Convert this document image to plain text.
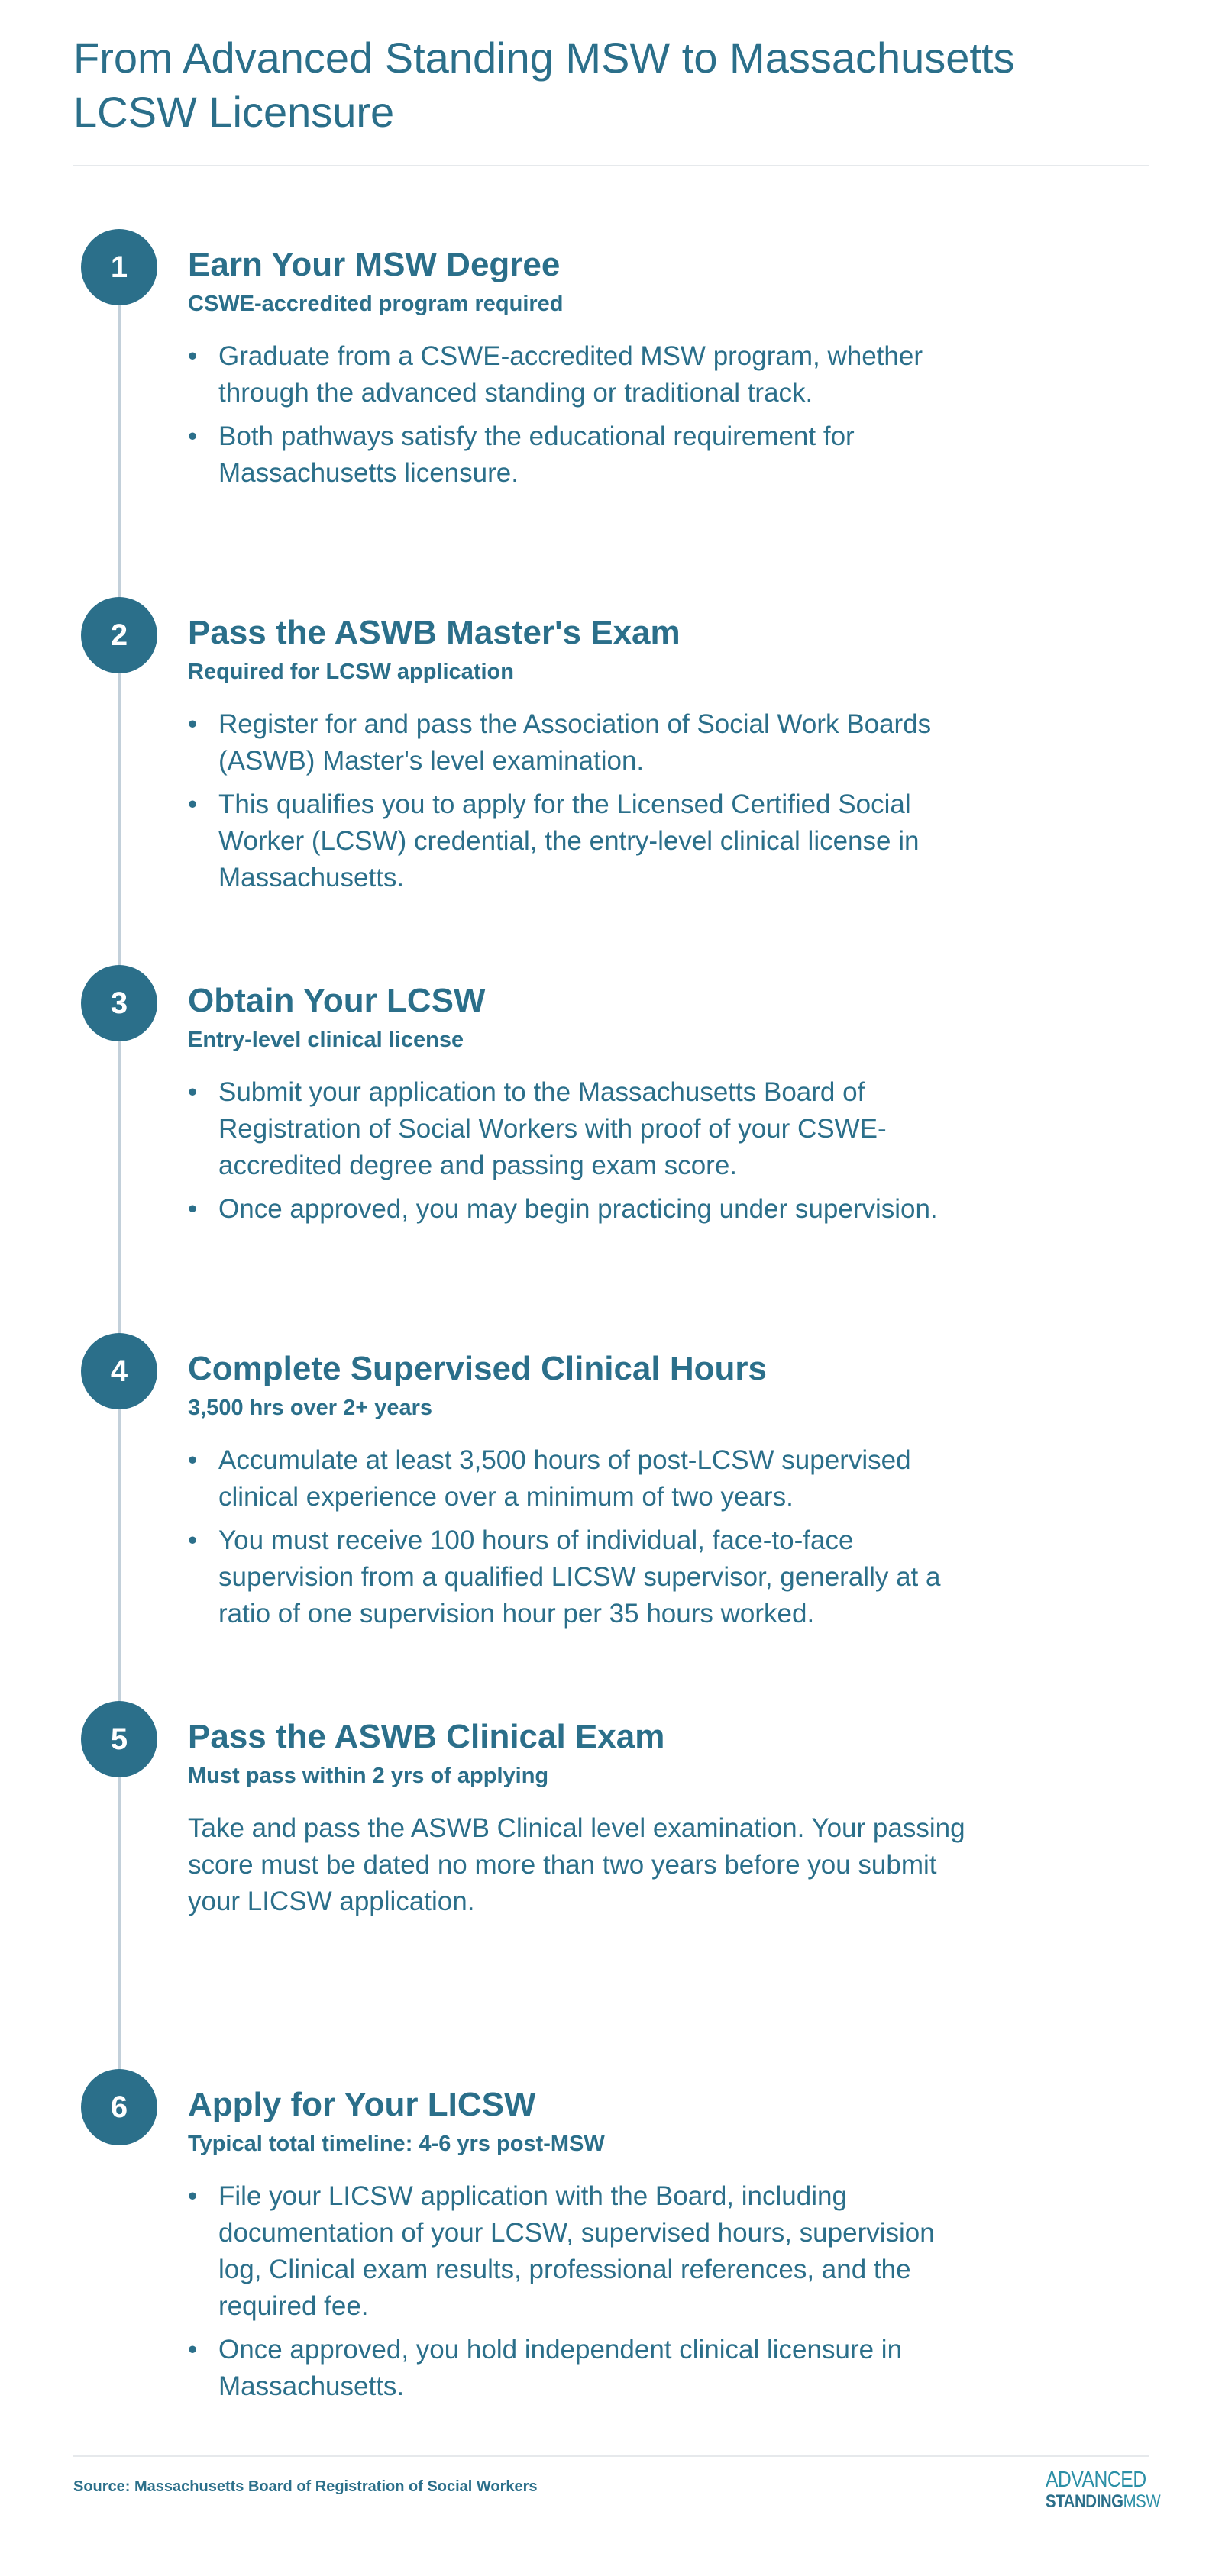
From Advanced Standing MSW to Massachusetts LCSW Licensure
1	Earn Your MSW Degree
CSWE-accredited program required
• Graduate from a CSWE-accredited MSW program, whether through the advanced standing or traditional track.
• Both pathways satisfy the educational requirement for Massachusetts licensure.
2	Pass the ASWB Master's Exam
Required for LCSW application
• Register for and pass the Association of Social Work Boards (ASWB) Master's level examination.
• This qualifies you to apply for the Licensed Certified Social Worker (LCSW) credential, the entry-level clinical license in Massachusetts.
3	Obtain Your LCSW
Entry-level clinical license
• Submit your application to the Massachusetts Board of Registration of Social Workers with proof of your CSWE-accredited degree and passing exam score.
• Once approved, you may begin practicing under supervision.
4	Complete Supervised Clinical Hours
3,500 hrs over 2+ years
• Accumulate at least 3,500 hours of post-LCSW supervised clinical experience over a minimum of two years.
• You must receive 100 hours of individual, face-to-face supervision from a qualified LICSW supervisor, generally at a ratio of one supervision hour per 35 hours worked.
5	Pass the ASWB Clinical Exam
Must pass within 2 yrs of applying

Take and pass the ASWB Clinical level examination. Your passing score must be dated no more than two years before you submit your LICSW application.

6	Apply for Your LICSW
Typical total timeline: 4-6 yrs post-MSW
• File your LICSW application with the Board, including documentation of your LCSW, supervised hours, supervision log, Clinical exam results, professional references, and the required fee.
• Once approved, you hold independent clinical licensure in Massachusetts.
Source: Massachusetts Board of Registration of Social Workers	ADVANCED
STANDINGMSW
